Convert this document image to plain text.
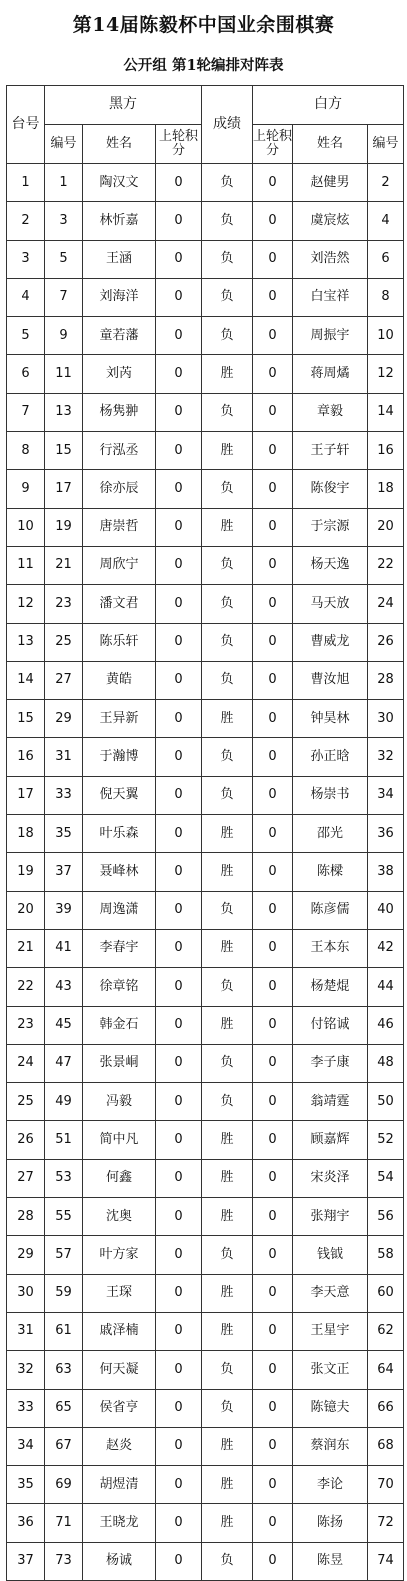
第14届陈毅杯中国业余围棋赛
公开组 第1轮编排对阵表
台号	黑方			成绩	白方		
	编号	姓名	上轮积分		上轮积分	姓名	编号
1	1	陶汉文	0	负	0	赵健男	2
2	3	林忻嘉	0	负	0	虞宸炫	4
3	5	王涵	0	负	0	刘浩然	6
4	7	刘海洋	0	负	0	白宝祥	8
5	9	童若藩	0	负	0	周振宇	10
6	11	刘芮	0	胜	0	蒋周燏	12
7	13	杨隽翀	0	负	0	章毅	14
8	15	行泓丞	0	胜	0	王子轩	16
9	17	徐亦辰	0	负	0	陈俊宇	18
10	19	唐崇哲	0	胜	0	于宗源	20
11	21	周欣宁	0	负	0	杨天逸	22
12	23	潘文君	0	负	0	马天放	24
13	25	陈乐轩	0	负	0	曹威龙	26
14	27	黄皓	0	负	0	曹汝旭	28
15	29	王异新	0	胜	0	钟昊林	30
16	31	于瀚博	0	负	0	孙正晗	32
17	33	倪天翼	0	负	0	杨崇书	34
18	35	叶乐森	0	胜	0	邵光	36
19	37	聂峰林	0	胜	0	陈樑	38
20	39	周逸潇	0	负	0	陈彦儒	40
21	41	李春宇	0	胜	0	王本东	42
22	43	徐章铭	0	负	0	杨楚焜	44
23	45	韩金石	0	胜	0	付铭诚	46
24	47	张景峒	0	负	0	李子康	48
25	49	冯毅	0	负	0	翁靖霆	50
26	51	简中凡	0	胜	0	顾嘉辉	52
27	53	何鑫	0	胜	0	宋炎泽	54
28	55	沈奥	0	胜	0	张翔宇	56
29	57	叶方家	0	负	0	钱钺	58
30	59	王琛	0	胜	0	李天意	60
31	61	戚泽楠	0	胜	0	王星宇	62
32	63	何天凝	0	负	0	张文正	64
33	65	侯省亨	0	负	0	陈镱夫	66
34	67	赵炎	0	胜	0	蔡润东	68
35	69	胡煜清	0	胜	0	李论	70
36	71	王晓龙	0	胜	0	陈扬	72
37	73	杨诚	0	负	0	陈昱	74
